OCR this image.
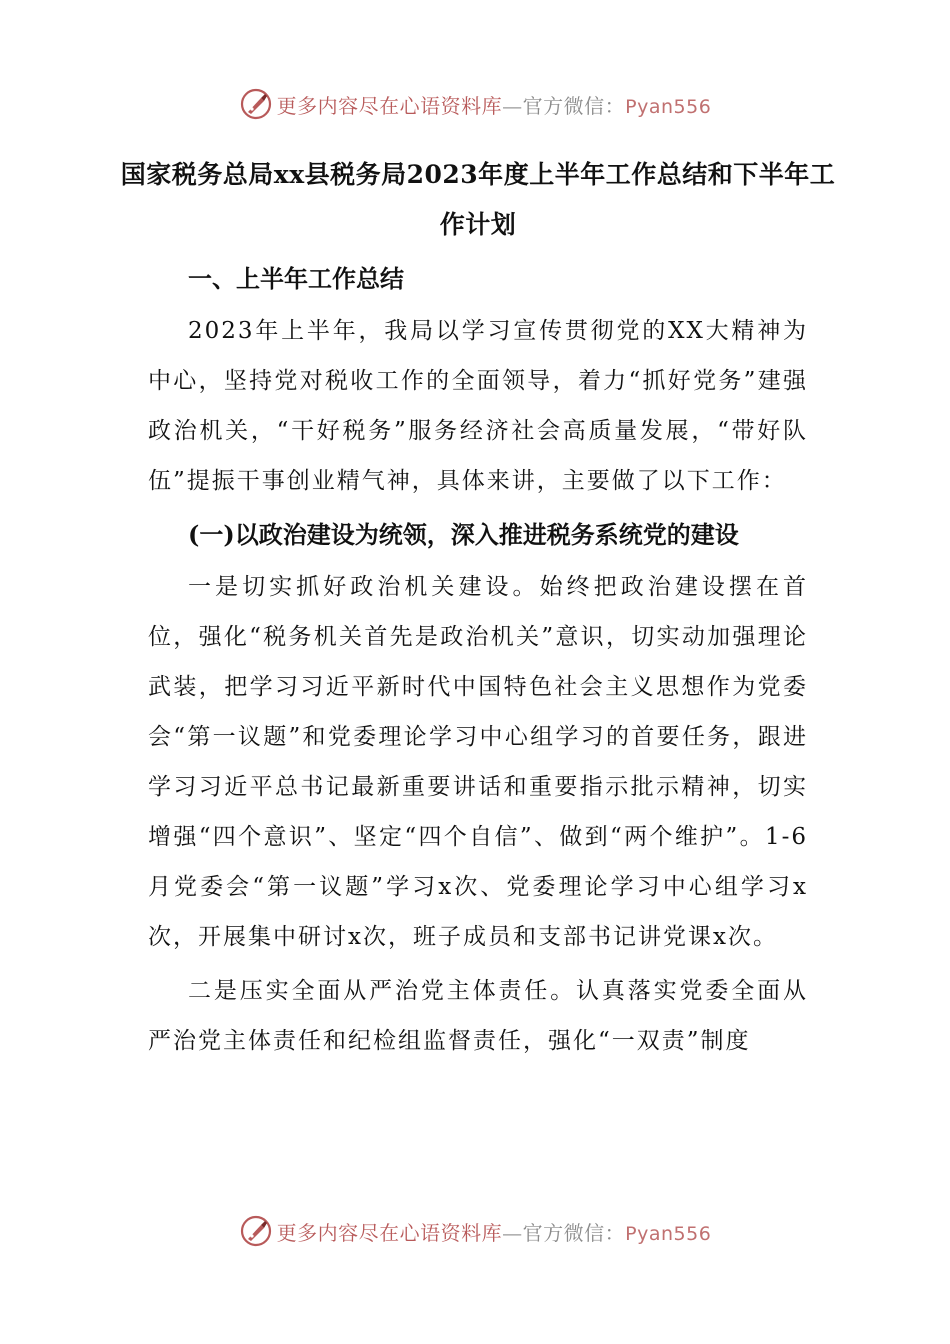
更多内容尽在心语资料库—官方微信：Pyan556
国家税务总局xx县税务局2023年度上半年工作总结和下半年工作计划
一、上半年工作总结

2023年上半年，我局以学习宣传贯彻党的XX大精神为中心，坚持党对税收工作的全面领导，着力“抓好党务”建强政治机关，“干好税务”服务经济社会高质量发展，“带好队伍”提振干事创业精气神，具体来讲，主要做了以下工作：

(一)以政治建设为统领，深入推进税务系统党的建设

一是切实抓好政治机关建设。始终把政治建设摆在首位，强化“税务机关首先是政治机关”意识，切实动加强理论武装，把学习习近平新时代中国特色社会主义思想作为党委会“第一议题”和党委理论学习中心组学习的首要任务，跟进学习习近平总书记最新重要讲话和重要指示批示精神，切实增强“四个意识”、坚定“四个自信”、做到“两个维护”。1-6月党委会“第一议题”学习x次、党委理论学习中心组学习x次，开展集中研讨x次，班子成员和支部书记讲党课x次。

二是压实全面从严治党主体责任。认真落实党委全面从严治党主体责任和纪检组监督责任，强化“一双责”制度

更多内容尽在心语资料库—官方微信：Pyan556
